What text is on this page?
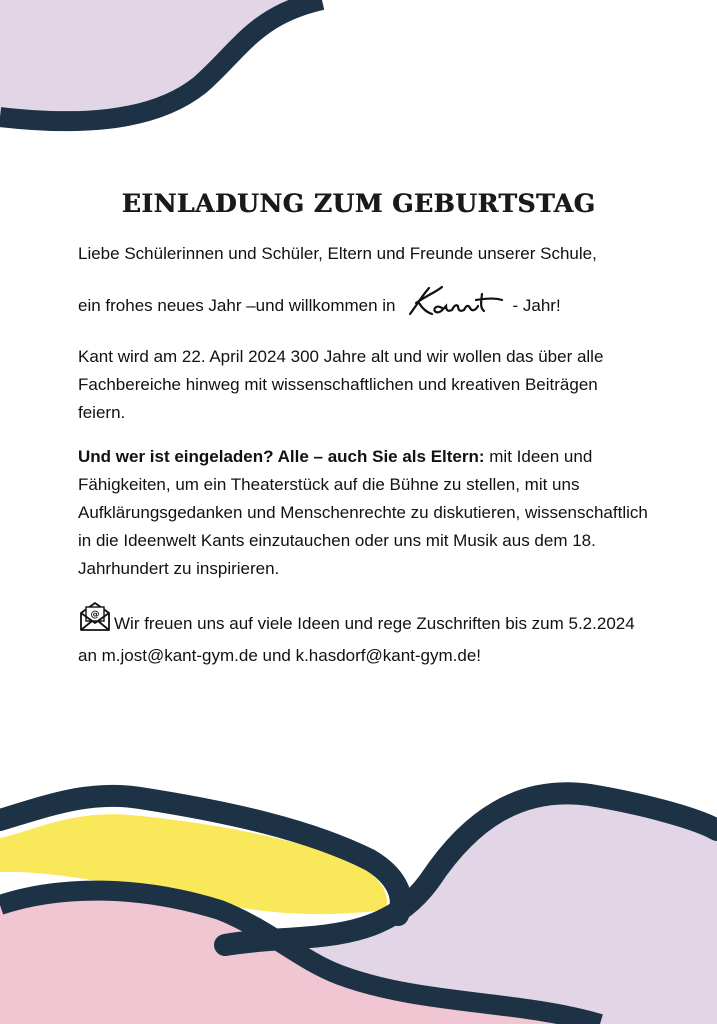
EINLADUNG ZUM GEBURTSTAG

Liebe Schülerinnen und Schüler, Eltern und Freunde unserer Schule,

ein frohes neues Jahr –und willkommen in	- Jahr!

Kant wird am 22. April 2024 300 Jahre alt und wir wollen das über alle Fachbereiche hinweg mit wissenschaftlichen und kreativen Beiträgen feiern.

Und wer ist eingeladen? Alle – auch Sie als Eltern: mit Ideen und Fähigkeiten, um ein Theaterstück auf die Bühne zu stellen, mit uns Aufklärungsgedanken und Menschenrechte zu diskutieren, wissenschaftlich in die Ideenwelt Kants einzutauchen oder uns mit Musik aus dem 18. Jahrhundert zu inspirieren.

@ Wir freuen uns auf viele Ideen und rege Zuschriften bis zum 5.2.2024 an m.jost@kant-gym.de und k.hasdorf@kant-gym.de!
